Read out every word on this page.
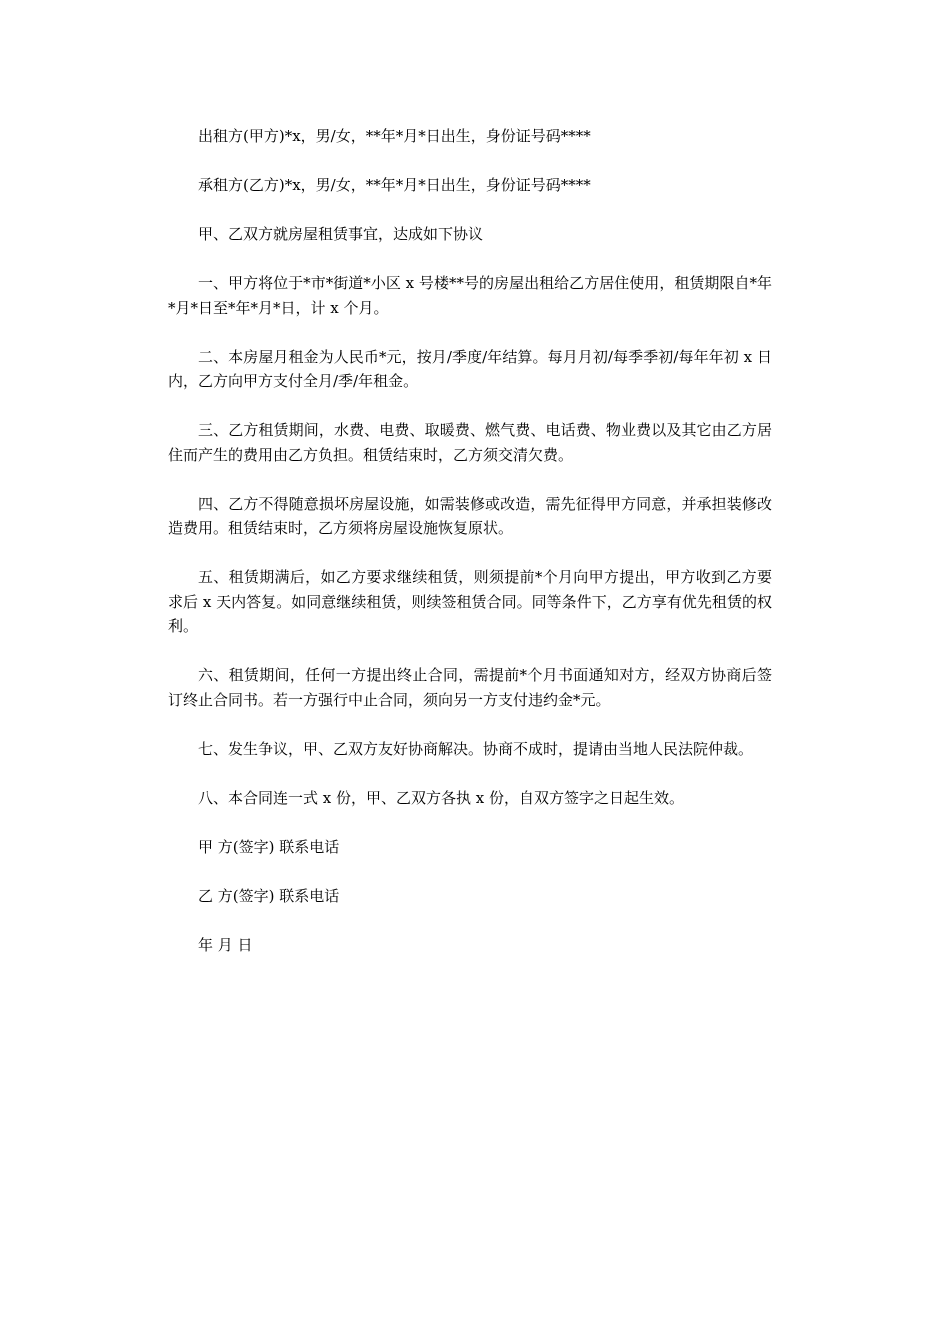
出租方(甲方)*x，男/女，**年*月*日出生，身份证号码****

承租方(乙方)*x，男/女，**年*月*日出生，身份证号码****

甲、乙双方就房屋租赁事宜，达成如下协议

一、甲方将位于*市*街道*小区 x 号楼**号的房屋出租给乙方居住使用，租赁期限自*年*月*日至*年*月*日，计 x 个月。

二、本房屋月租金为人民币*元，按月/季度/年结算。每月月初/每季季初/每年年初 x 日内，乙方向甲方支付全月/季/年租金。

三、乙方租赁期间，水费、电费、取暖费、燃气费、电话费、物业费以及其它由乙方居住而产生的费用由乙方负担。租赁结束时，乙方须交清欠费。

四、乙方不得随意损坏房屋设施，如需装修或改造，需先征得甲方同意，并承担装修改造费用。租赁结束时，乙方须将房屋设施恢复原状。

五、租赁期满后，如乙方要求继续租赁，则须提前*个月向甲方提出，甲方收到乙方要求后 x 天内答复。如同意继续租赁，则续签租赁合同。同等条件下，乙方享有优先租赁的权利。

六、租赁期间，任何一方提出终止合同，需提前*个月书面通知对方，经双方协商后签订终止合同书。若一方强行中止合同，须向另一方支付违约金*元。

七、发生争议，甲、乙双方友好协商解决。协商不成时，提请由当地人民法院仲裁。

八、本合同连一式 x 份，甲、乙双方各执 x 份，自双方签字之日起生效。

甲 方(签字) 联系电话

乙 方(签字) 联系电话

年 月 日
